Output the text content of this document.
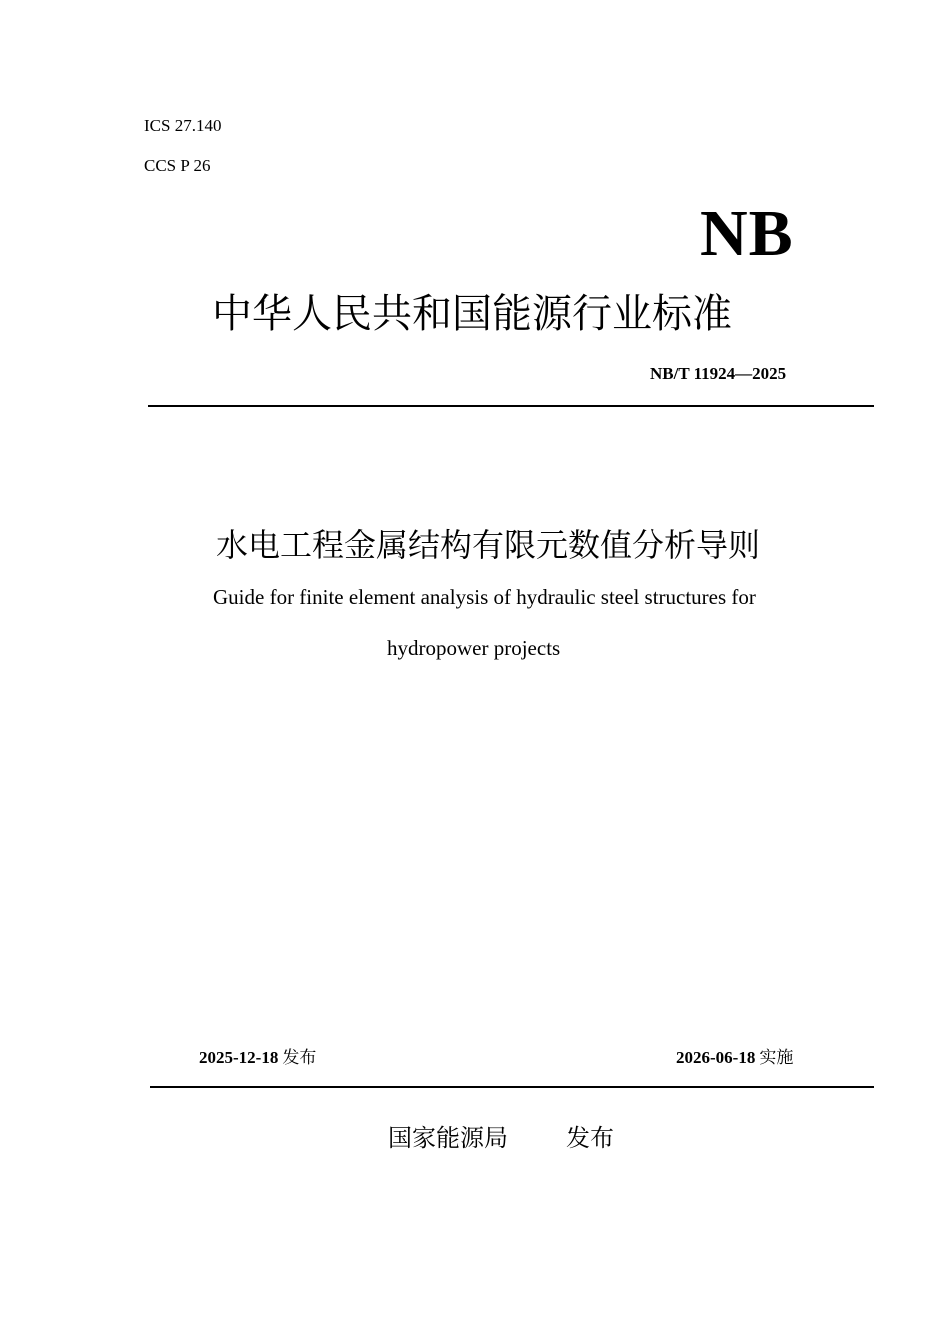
ICS 27.140
CCS P 26
NB
中华人民共和国能源行业标准
NB/T 11924—2025
水电工程金属结构有限元数值分析导则
Guide for finite element analysis of hydraulic steel structures for
hydropower projects
2025-12-18 发布	2026-06-18 实施
国家能源局 发布
